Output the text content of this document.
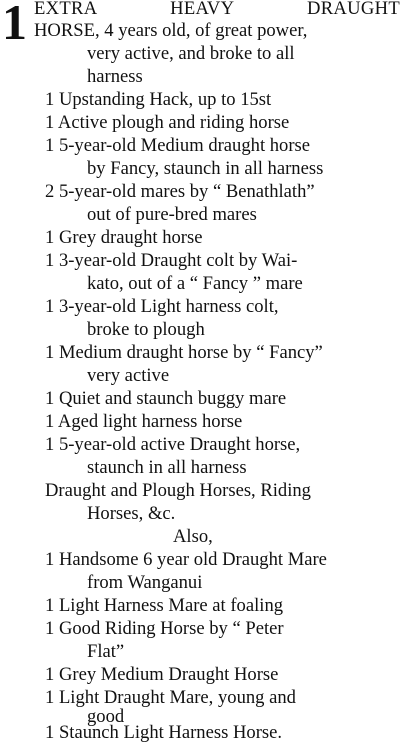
1 EXTRA	HEAVY	DRAUGHT
HORSE, 4 years old, of great power,
very active, and broke to all
harness
1 Upstanding Hack, up to 15st
1 Active plough and riding horse
1 5-year-old Medium draught horse
by Fancy, staunch in all harness
2 5-year-old mares by “ Benathlath”
out of pure-bred mares
1 Grey draught horse
1 3-year-old Draught colt by Wai-
kato, out of a “ Fancy ” mare
1 3-year-old Light harness colt,
broke to plough
1 Medium draught horse by “ Fancy”
very active
1 Quiet and staunch buggy mare
1 Aged light harness horse
1 5-year-old active Draught horse,
staunch in all harness
Draught and Plough Horses, Riding
Horses, &c.
Also,
1 Handsome 6 year old Draught Mare
from Wanganui
1 Light Harness Mare at foaling
1 Good Riding Horse by “ Peter
Flat”
1 Grey Medium Draught Horse
1 Light Draught Mare, young and
good
1 Staunch Light Harness Horse.
